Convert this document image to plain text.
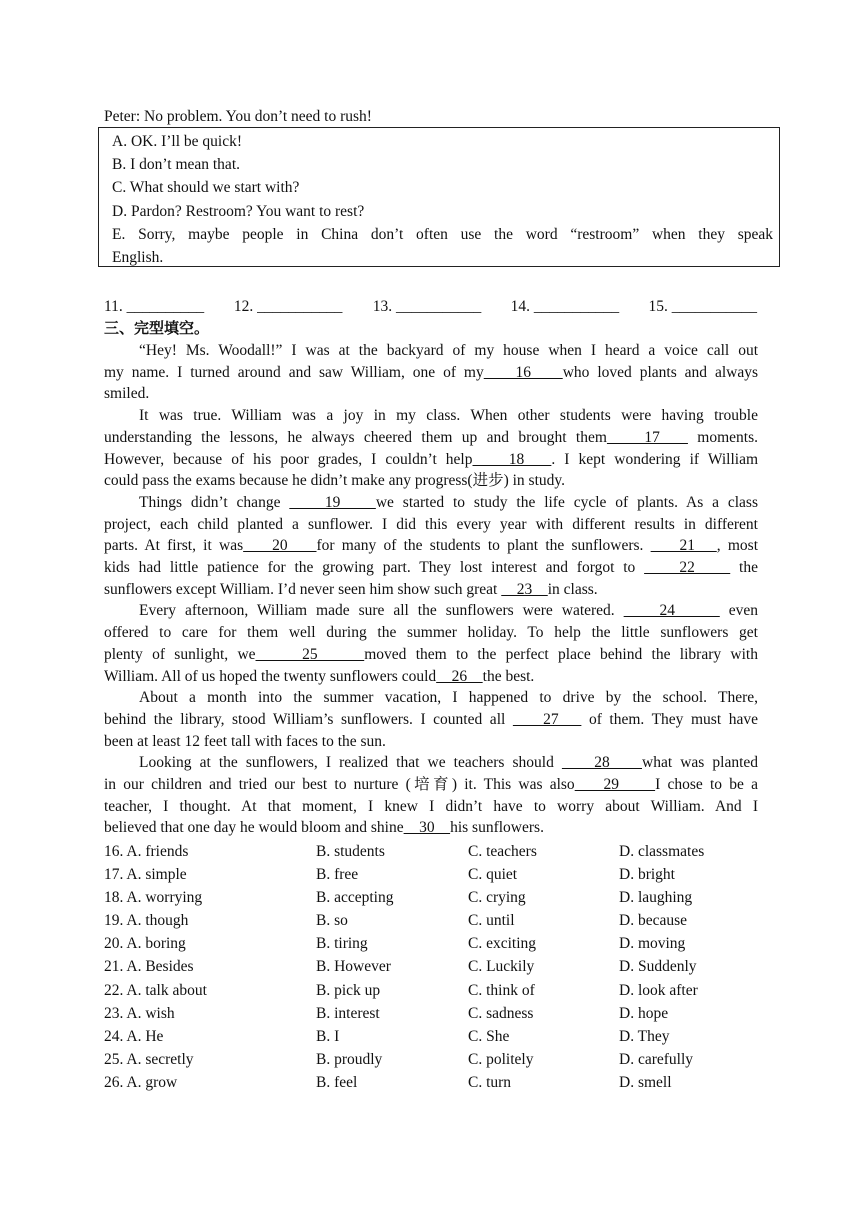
Peter: No problem. You don’t need to rush!
A. OK. I’ll be quick!
B. I don’t mean that.
C. What should we start with?
D. Pardon? Restroom? You want to rest?
E. Sorry, maybe people in China don’t often use the word “restroom” when they speak
English.
11. __________ 12. ___________ 13. ___________ 14. ___________ 15. ___________
三、完型填空。

“Hey! Ms. Woodall!” I was at the backyard of my house when I heard a voice call out

my name. I turned around and saw William, one of my    16    who loved plants and always

smiled.

It was true. William was a joy in my class. When other students were having trouble

understanding the lessons, he always cheered them up and brought them    17    moments.

However, because of his poor grades, I couldn’t help    18   . I kept wondering if William

could pass the exams because he didn’t make any progress(进步) in study.

Things didn’t change     19    we started to study the life cycle of plants. As a class

project, each child planted a sunflower. I did this every year with different results in different

parts. At first, it was    20    for many of the students to plant the sunflowers.     21   , most

kids had little patience for the growing part. They lost interest and forgot to     22     the

sunflowers except William. I’d never seen him show such great     23    in class.

Every afternoon, William made sure all the sunflowers were watered.     24      even

offered to care for them well during the summer holiday. To help the little sunflowers get

plenty of sunlight, we     25     moved them to the perfect place behind the library with

William. All of us hoped the twenty sunflowers could    26    the best.

About a month into the summer vacation, I happened to drive by the school. There,

behind the library, stood William’s sunflowers. I counted all     27    of them. They must have

been at least 12 feet tall with faces to the sun.

Looking at the sunflowers, I realized that we teachers should     28    what was planted

in our children and tried our best to nurture (培育) it. This was also    29     I chose to be a

teacher, I thought. At that moment, I knew I didn’t have to worry about William. And I

believed that one day he would bloom and shine    30    his sunflowers.

16. A. friends	B. students	C. teachers	D. classmates
17. A. simple	B. free	C. quiet	D. bright
18. A. worrying	B. accepting	C. crying	D. laughing
19. A. though	B. so	C. until	D. because
20. A. boring	B. tiring	C. exciting	D. moving
21. A. Besides	B. However	C. Luckily	D. Suddenly
22. A. talk about	B. pick up	C. think of	D. look after
23. A. wish	B. interest	C. sadness	D. hope
24. A. He	B. I	C. She	D. They
25. A. secretly	B. proudly	C. politely	D. carefully
26. A. grow	B. feel	C. turn	D. smell
